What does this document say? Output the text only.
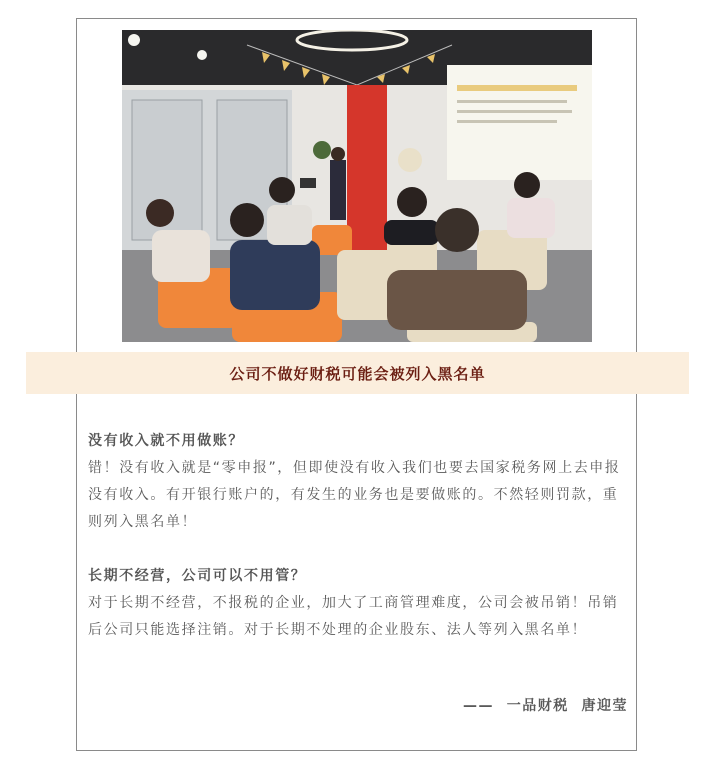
公司不做好财税可能会被列入黑名单

没有收入就不用做账？

错！没有收入就是“零申报”，但即使没有收入我们也要去国家税务网上去申报没有收入。有开银行账户的，有发生的业务也是要做账的。不然轻则罚款，重则列入黑名单！

长期不经营，公司可以不用管？

对于长期不经营，不报税的企业，加大了工商管理难度，公司会被吊销！吊销后公司只能选择注销。对于长期不处理的企业股东、法人等列入黑名单！

——  一品财税  唐迎莹
